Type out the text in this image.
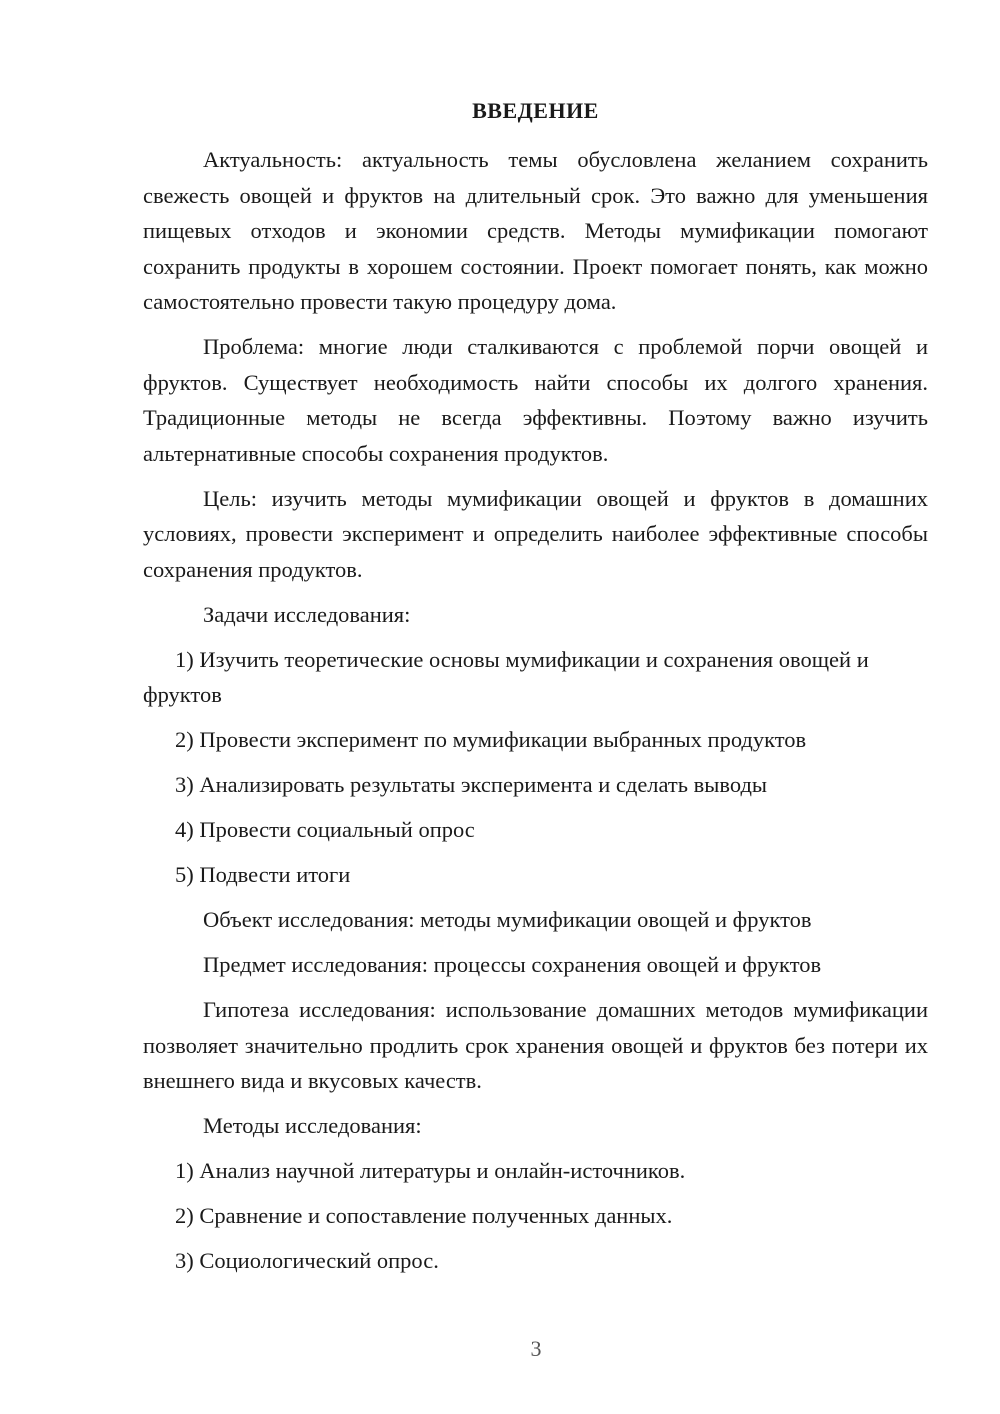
ВВЕДЕНИЕ

Актуальность: актуальность темы обусловлена желанием сохранить свежесть овощей и фруктов на длительный срок. Это важно для уменьшения пищевых отходов и экономии средств. Методы мумификации помогают сохранить продукты в хорошем состоянии. Проект помогает понять, как можно самостоятельно провести такую процедуру дома.

Проблема: многие люди сталкиваются с проблемой порчи овощей и фруктов. Существует необходимость найти способы их долгого хранения. Традиционные методы не всегда эффективны. Поэтому важно изучить альтернативные способы сохранения продуктов.

Цель: изучить методы мумификации овощей и фруктов в домашних условиях, провести эксперимент и определить наиболее эффективные способы сохранения продуктов.

Задачи исследования:

1) Изучить теоретические основы мумификации и сохранения овощей и фруктов

2) Провести эксперимент по мумификации выбранных продуктов

3) Анализировать результаты эксперимента и сделать выводы

4) Провести социальный опрос

5) Подвести итоги

Объект исследования: методы мумификации овощей и фруктов

Предмет исследования: процессы сохранения овощей и фруктов

Гипотеза исследования: использование домашних методов мумификации позволяет значительно продлить срок хранения овощей и фруктов без потери их внешнего вида и вкусовых качеств.

Методы исследования:

1) Анализ научной литературы и онлайн-источников.

2) Сравнение и сопоставление полученных данных.

3) Социологический опрос.

3
